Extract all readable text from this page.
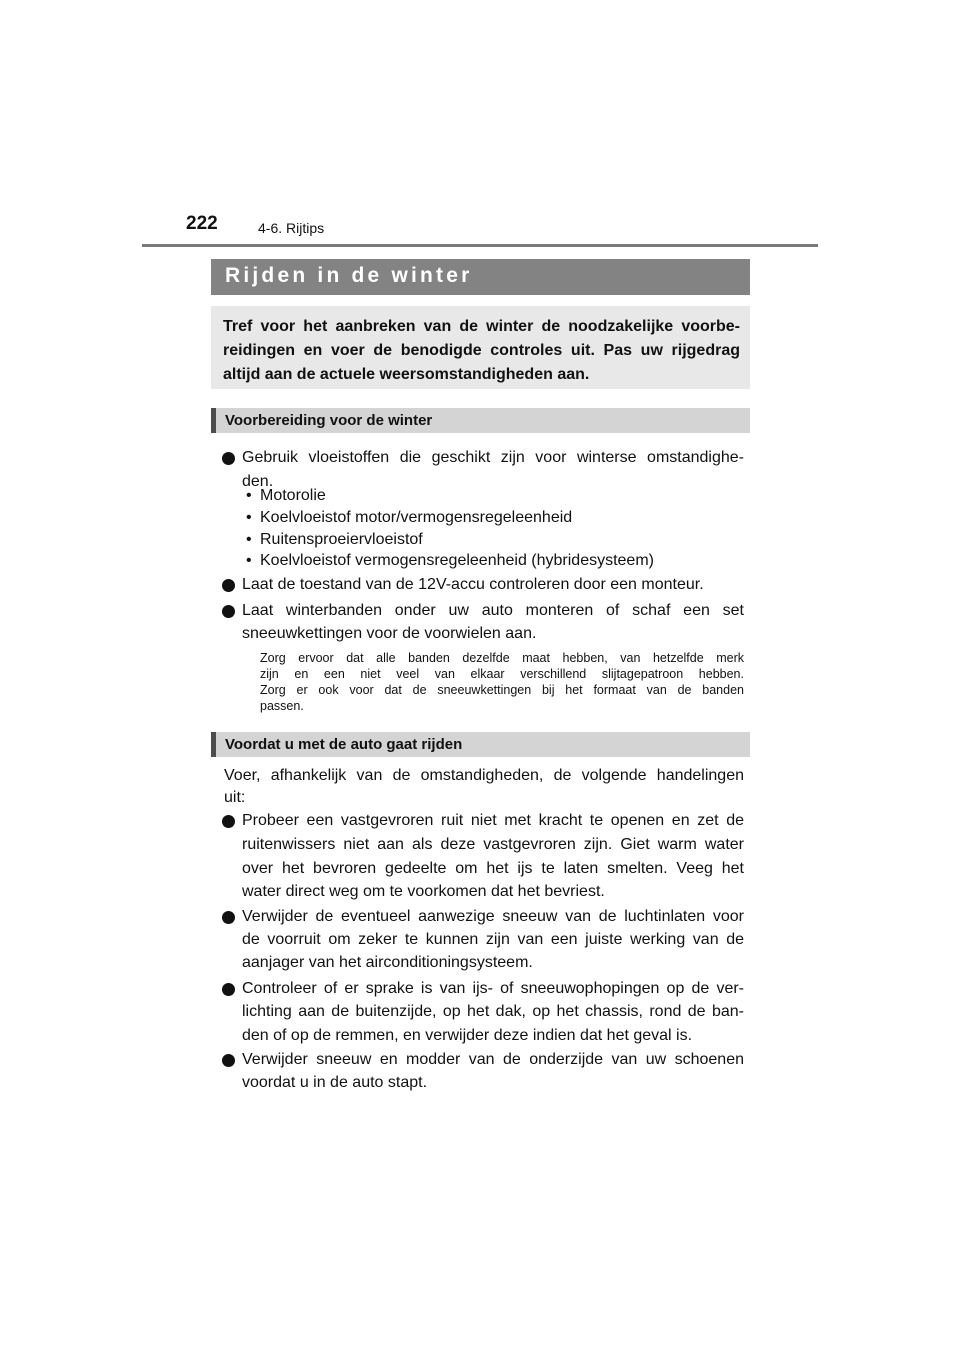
222	4-6. Rijtips
Rijden in de winter
Tref voor het aanbreken van de winter de noodzakelijke voorbe-
reidingen en voer de benodigde controles uit. Pas uw rijgedrag
altijd aan de actuele weersomstandigheden aan.
Voorbereiding voor de winter
Gebruik vloeistoffen die geschikt zijn voor winterse omstandighe-
den.
• Motorolie
• Koelvloeistof motor/vermogensregeleenheid
• Ruitensproeiervloeistof
• Koelvloeistof vermogensregeleenheid (hybridesysteem)
Laat de toestand van de 12V-accu controleren door een monteur.
Laat winterbanden onder uw auto monteren of schaf een set
sneeuwkettingen voor de voorwielen aan.
Zorg ervoor dat alle banden dezelfde maat hebben, van hetzelfde merk
zijn en een niet veel van elkaar verschillend slijtagepatroon hebben.
Zorg er ook voor dat de sneeuwkettingen bij het formaat van de banden
passen.
Voordat u met de auto gaat rijden
Voer, afhankelijk van de omstandigheden, de volgende handelingen
uit:
Probeer een vastgevroren ruit niet met kracht te openen en zet de
ruitenwissers niet aan als deze vastgevroren zijn. Giet warm water
over het bevroren gedeelte om het ijs te laten smelten. Veeg het
water direct weg om te voorkomen dat het bevriest.
Verwijder de eventueel aanwezige sneeuw van de luchtinlaten voor
de voorruit om zeker te kunnen zijn van een juiste werking van de
aanjager van het airconditioningsysteem.
Controleer of er sprake is van ijs- of sneeuwophopingen op de ver-
lichting aan de buitenzijde, op het dak, op het chassis, rond de ban-
den of op de remmen, en verwijder deze indien dat het geval is.
Verwijder sneeuw en modder van de onderzijde van uw schoenen
voordat u in de auto stapt.
